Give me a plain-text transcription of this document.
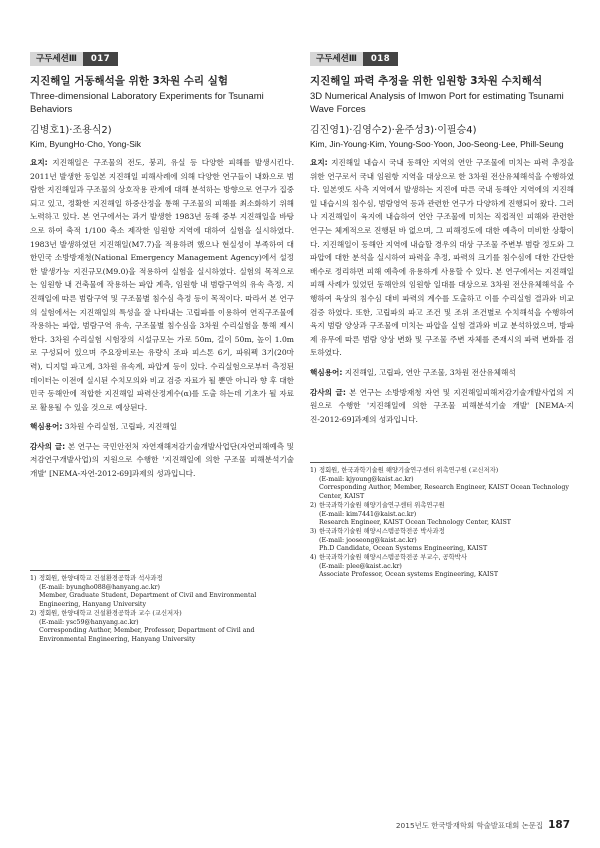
구두세션Ⅲ	017
지진해일 거동해석을 위한 3차원 수리 실험
Three-dimensional Laboratory Experiments for Tsunami Behaviors
김병호1)·조용식2)
Kim, ByungHo·Cho, Yong-Sik

요지: 지진해일은 구조물의 전도, 붕괴, 유실 등 다양한 피해를 발생시킨다. 2011년 발생한 동일본 지진해일 피해사례에 의해 다양한 연구들이 내화으로 범람한 지진해일과 구조물의 상호작용 관계에 대해 분석하는 방향으로 연구가 집중되고 있고, 정확한 지진해일 하중산정을 통해 구조물의 피해를 최소화하기 위해 노력하고 있다. 본 연구에서는 과거 발생한 1983년 동해 중부 지진해일을 바탕으로 하여 축적 1/100 축소 제작한 임원항 지역에 대하여 실험을 실시하였다. 1983년 발생하였던 지진해일(M7.7)을 적용하려 했으나 현실성이 부족하여 대한민국 소방방재청(National Emergency Management Agency)에서 설정한 발생가능 지진규모(M9.0)을 적용하여 실험을 실시하였다. 실험의 목적으로는 임원항 내 건축물에 작용하는 파압 계측, 임원항 내 범람구역의 유속 측정, 지진해일에 따른 범람구역 및 구조물별 침수심 측정 등이 목적이다. 따라서 본 연구의 실험에서는 지진해일의 특성을 잘 나타내는 고립파를 이용하여 연직구조물에 작용하는 파압, 범람구역 유속, 구조물별 침수심을 3차원 수리실험을 통해 제시한다. 3차원 수리실험 시험장의 시설규모는 가로 50m, 길이 50m, 높이 1.0m로 구성되어 있으며 주요장비로는 유량식 조파 피스톤 6기, 파워펙 3기(20마력), 디지털 파고계, 3차원 유속계, 파압계 등이 있다. 수리실험으로부터 측정된 데이터는 이전에 실시된 수치모의와 비교 검증 자료가 될 뿐만 아니라 향 후 대한민국 동해안에 적합한 지진해일 파력산정계수(α)를 도출 하는데 기초가 될 자료로 활용될 수 있을 것으로 예상된다.

핵심용어: 3차원 수리실험, 고립파, 지진해일

감사의 글: 본 연구는 국민안전처 자연재해저감기술개발사업단(자연피해예측 및 저감연구개발사업)의 지원으로 수행한 '지진해일에 의한 구조물 피해분석기술 개발' [NEMA-자연-2012-69]과제의 성과입니다.

1) 정회원, 한양대학교 건설환경공학과 석사과정
(E-mail: byungho088@hanyang.ac.kr)
Member, Graduate Student, Department of Civil and Environmental Engineering, Hanyang University
2) 정회원, 한양대학교 건설환경공학과 교수 (교신저자)
(E-mail: ysc59@hanyang.ac.kr)
Corresponding Author, Member, Professor, Department of Civil and Environmental Engineering, Hanyang University
구두세션Ⅲ	018
지진해일 파력 추정을 위한 임원항 3차원 수치해석
3D Numerical Analysis of Imwon Port for estimating Tsunami Wave Forces
김진영1)·김영수2)·윤주성3)·이필승4)
Kim, Jin-Young·Kim, Young-Soo·Yoon, Joo-Seong·Lee, Phill-Seung

요지: 지진해일 내습시 국내 동해안 지역의 연안 구조물에 미치는 파력 추정을 위한 연구로서 국내 임원항 지역을 대상으로 한 3차원 전산유체해석을 수행하였다. 일본엣도 사측 지역에서 발생하는 지진에 따른 국내 동해안 지역에의 지진해일 내습시의 침수심, 범람영역 등과 관련한 연구가 다양하게 진행되어 왔다. 그러나 지진해일이 육지에 내습하여 연안 구조물에 미치는 직접적인 피해와 관련한 연구는 체계적으로 진행된 바 없으며, 그 피해정도에 대한 예측이 미비한 상황이다. 지진해일이 동해안 지역에 내습할 경우의 대상 구조물 주변부 범람 정도와 그 파압에 대한 분석을 실시하여 파력을 추정, 파력의 크기를 침수심에 대한 간단한 배수로 정리하면 피해 예측에 유용하게 사용할 수 있다. 본 연구에서는 지진해일 피해 사례가 있었던 동해안의 임원항 일대를 대상으로 3차원 전산유체해석을 수행하여 육상의 침수심 대비 파력의 계수를 도출하고 이를 수리실험 결과와 비교 검증 하였다. 또한, 고립파의 파고 조건 및 조위 조건별로 수치해석을 수행하여 육지 범람 양상과 구조물에 미치는 파압을 실험 결과와 비교 분석하였으며, 방파제 유무에 따른 범람 양상 변화 및 구조물 주변 자체를 존재시의 파력 변화를 검토하였다.

핵심용어: 지진해일, 고립파, 연안 구조물, 3차원 전산유체해석

감사의 글: 본 연구는 소방방재청 자연 및 지진해일피해저감기술개발사업의 지원으로 수행한 '지진해일에 의한 구조물 피해분석기술 개발' [NEMA-지진-2012-69]과제의 성과입니다.

1) 정회원, 한국과학기술원 해양기술연구센터 위촉연구원 (교신저자)
(E-mail: kjyoung@kaist.ac.kr)
Corresponding Author, Member, Research Engineer, KAIST Ocean Technology Center, KAIST
2) 한국과학기술원 해양기술연구센터 위촉연구원
(E-mail: kim7441@kaist.ac.kr)
Research Engineer, KAIST Ocean Technology Center, KAIST
3) 한국과학기술원 해양시스템공학전공 박사과정
(E-mail: jooseong@kaist.ac.kr)
Ph.D Candidate, Ocean Systems Engineering, KAIST
4) 한국과학기술원 해양시스템공학전공 부교수, 공학박사
(E-mail: plee@kaist.ac.kr)
Associate Professor, Ocean systems Engineering, KAIST
2015년도 한국방재학회 학술발표대회 논문집 187
